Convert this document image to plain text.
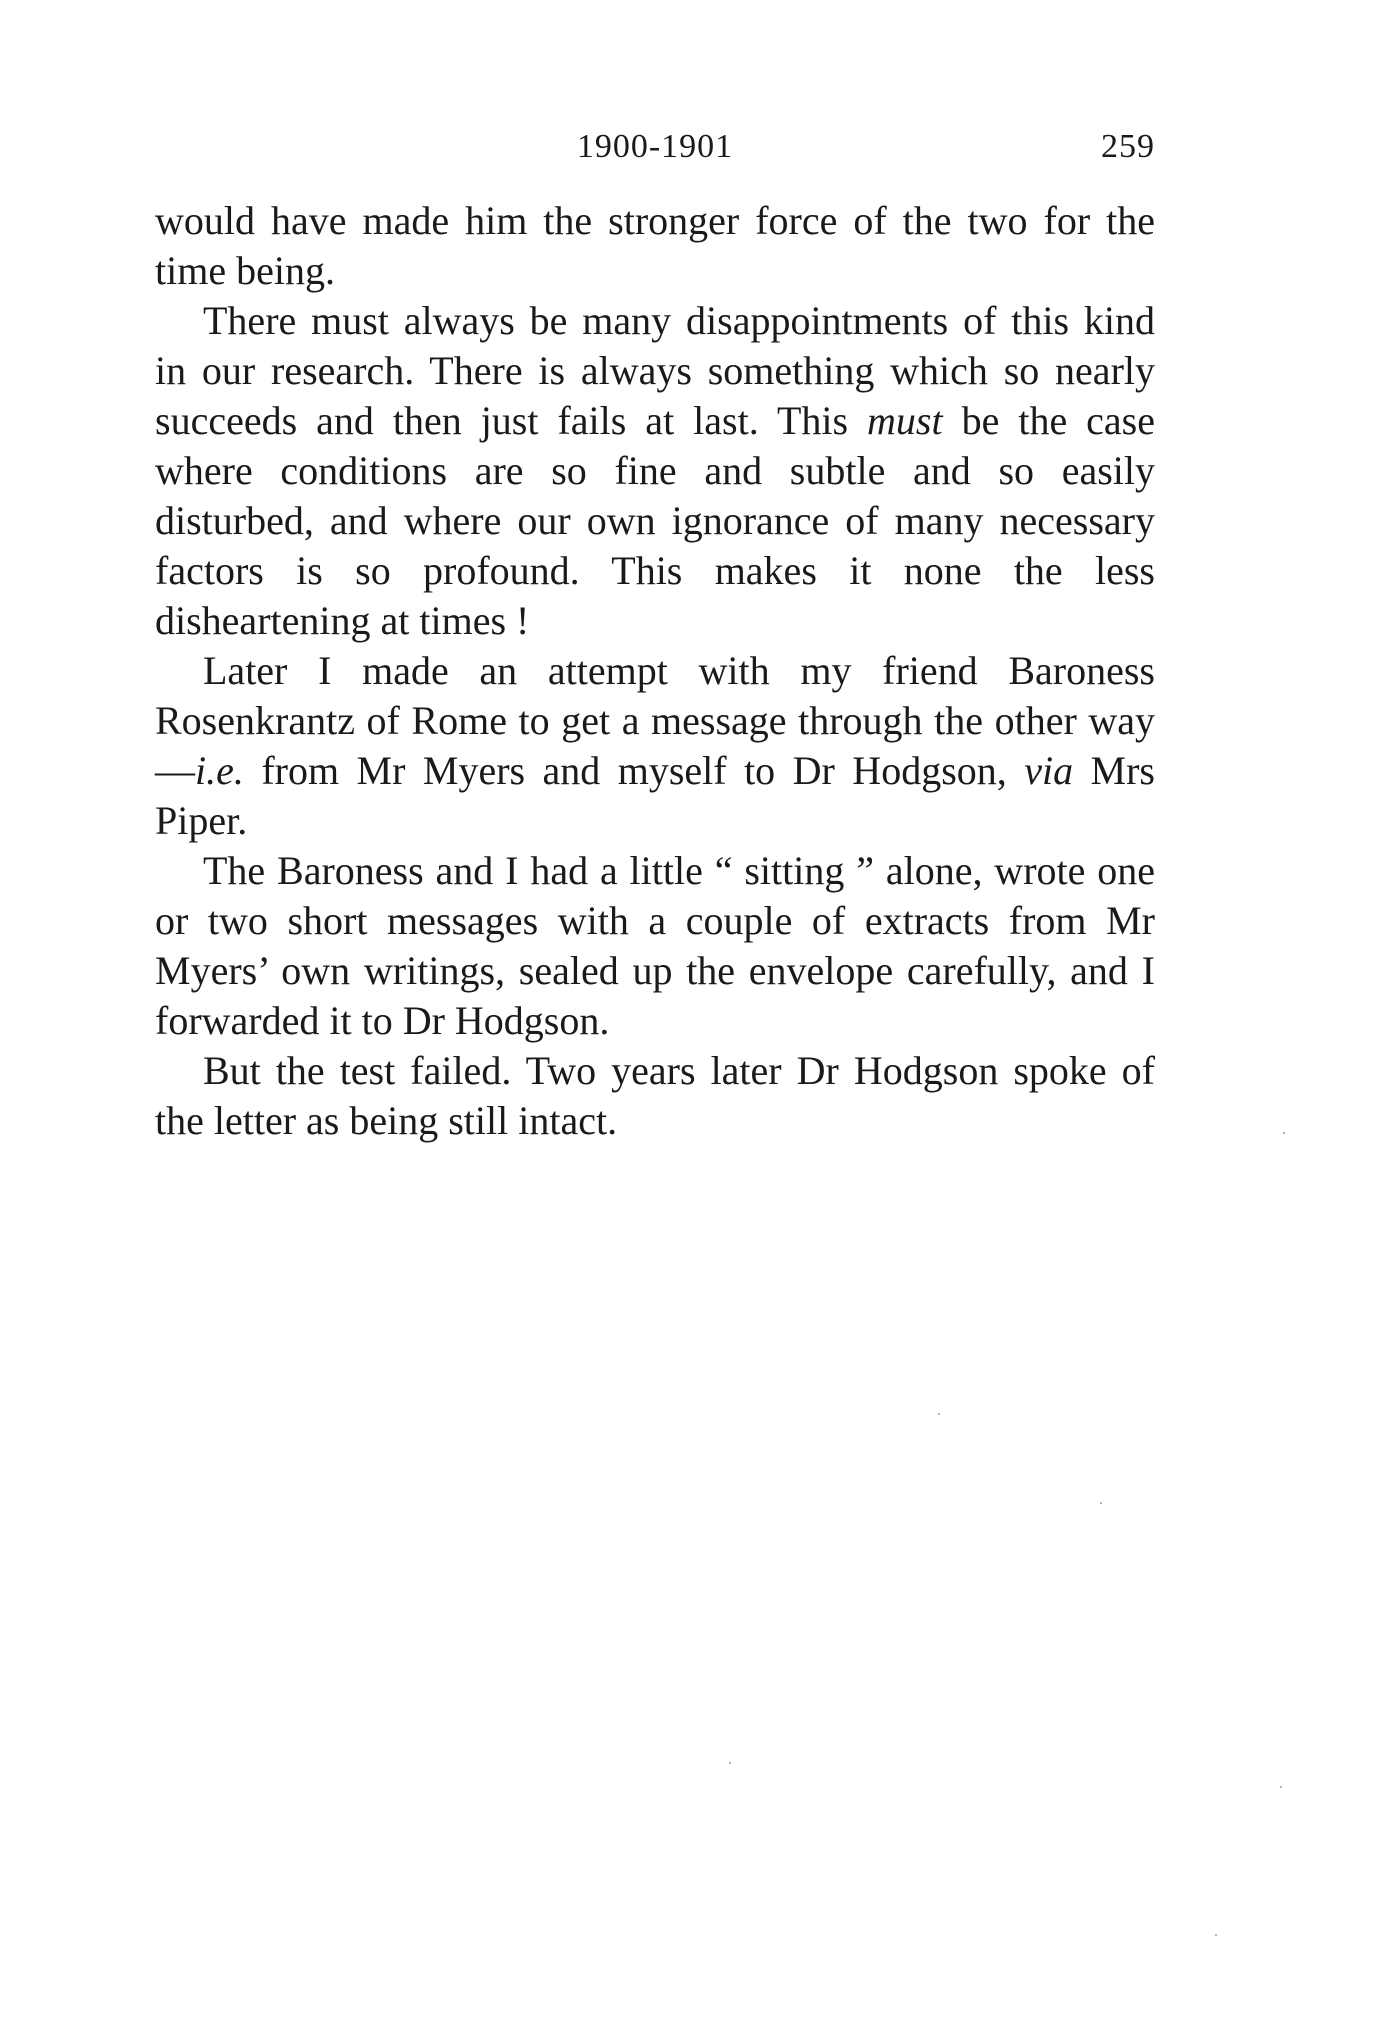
1900-1901	259

would have made him the stronger force of the two for the time being.

There must always be many disappointments of this kind in our research. There is always something which so nearly succeeds and then just fails at last. This must be the case where conditions are so fine and subtle and so easily disturbed, and where our own ignorance of many necessary factors is so profound. This makes it none the less disheartening at times !

Later I made an attempt with my friend Baroness Rosenkrantz of Rome to get a message through the other way—i.e. from Mr Myers and myself to Dr Hodgson, via Mrs Piper.

The Baroness and I had a little “ sitting ” alone, wrote one or two short messages with a couple of extracts from Mr Myers’ own writings, sealed up the envelope carefully, and I forwarded it to Dr Hodgson.

But the test failed. Two years later Dr Hodgson spoke of the letter as being still intact.
